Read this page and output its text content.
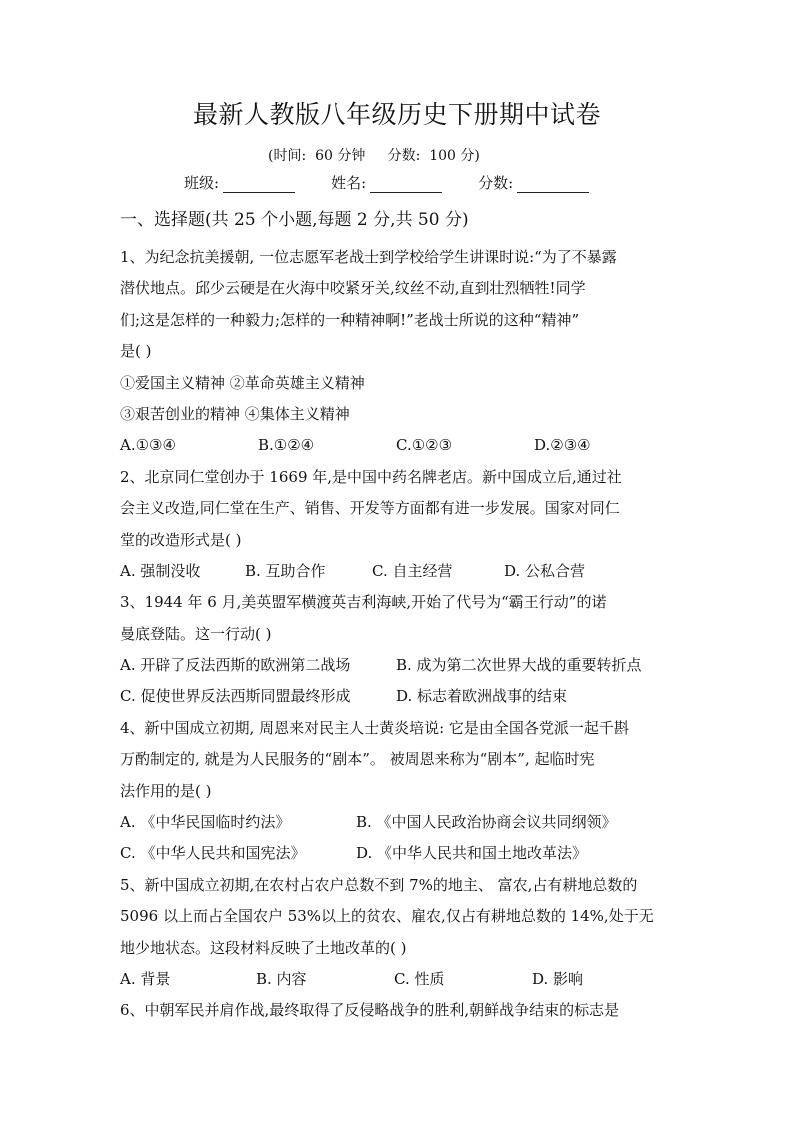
最新人教版八年级历史下册期中试卷
(时间:  60 分钟     分数:  100 分)
班级:	姓名:	分数:
一、选择题(共 25 个小题,每题 2 分,共 50 分)
1、为纪念抗美援朝, 一位志愿军老战士到学校给学生讲课时说:“为了不暴露
潜伏地点。邱少云硬是在火海中咬紧牙关,纹丝不动,直到壮烈牺牲!同学
们;这是怎样的一种毅力;怎样的一种精神啊!”老战士所说的这种“精神”
是( )
①爱国主义精神 ②革命英雄主义精神
③艰苦创业的精神 ④集体主义精神
A.①③④	B.①②④	C.①②③	D.②③④
2、北京同仁堂创办于 1669 年,是中国中药名牌老店。新中国成立后,通过社
会主义改造,同仁堂在生产、销售、开发等方面都有进一步发展。国家对同仁
堂的改造形式是( )
A. 强制没收	B. 互助合作	C. 自主经营	D. 公私合营
3、1944 年 6 月,美英盟军横渡英吉利海峡,开始了代号为“霸王行动”的诺
曼底登陆。这一行动( )
A. 开辟了反法西斯的欧洲第二战场	B. 成为第二次世界大战的重要转折点
C. 促使世界反法西斯同盟最终形成	D. 标志着欧洲战事的结束
4、新中国成立初期, 周恩来对民主人士黄炎培说: 它是由全国各党派一起千斟
万酌制定的, 就是为人民服务的“剧本”。 被周恩来称为“剧本”, 起临时宪
法作用的是( )
A. 《中华民国临时约法》	B. 《中国人民政治协商会议共同纲领》
C. 《中华人民共和国宪法》	D. 《中华人民共和国土地改革法》
5、新中国成立初期,在农村占农户总数不到 7%的地主、 富农,占有耕地总数的
5096 以上而占全国农户 53%以上的贫农、雇农,仅占有耕地总数的 14%,处于无
地少地状态。这段材料反映了土地改革的( )
A. 背景	B. 内容	C. 性质	D. 影响
6、中朝军民并肩作战,最终取得了反侵略战争的胜利,朝鲜战争结束的标志是
